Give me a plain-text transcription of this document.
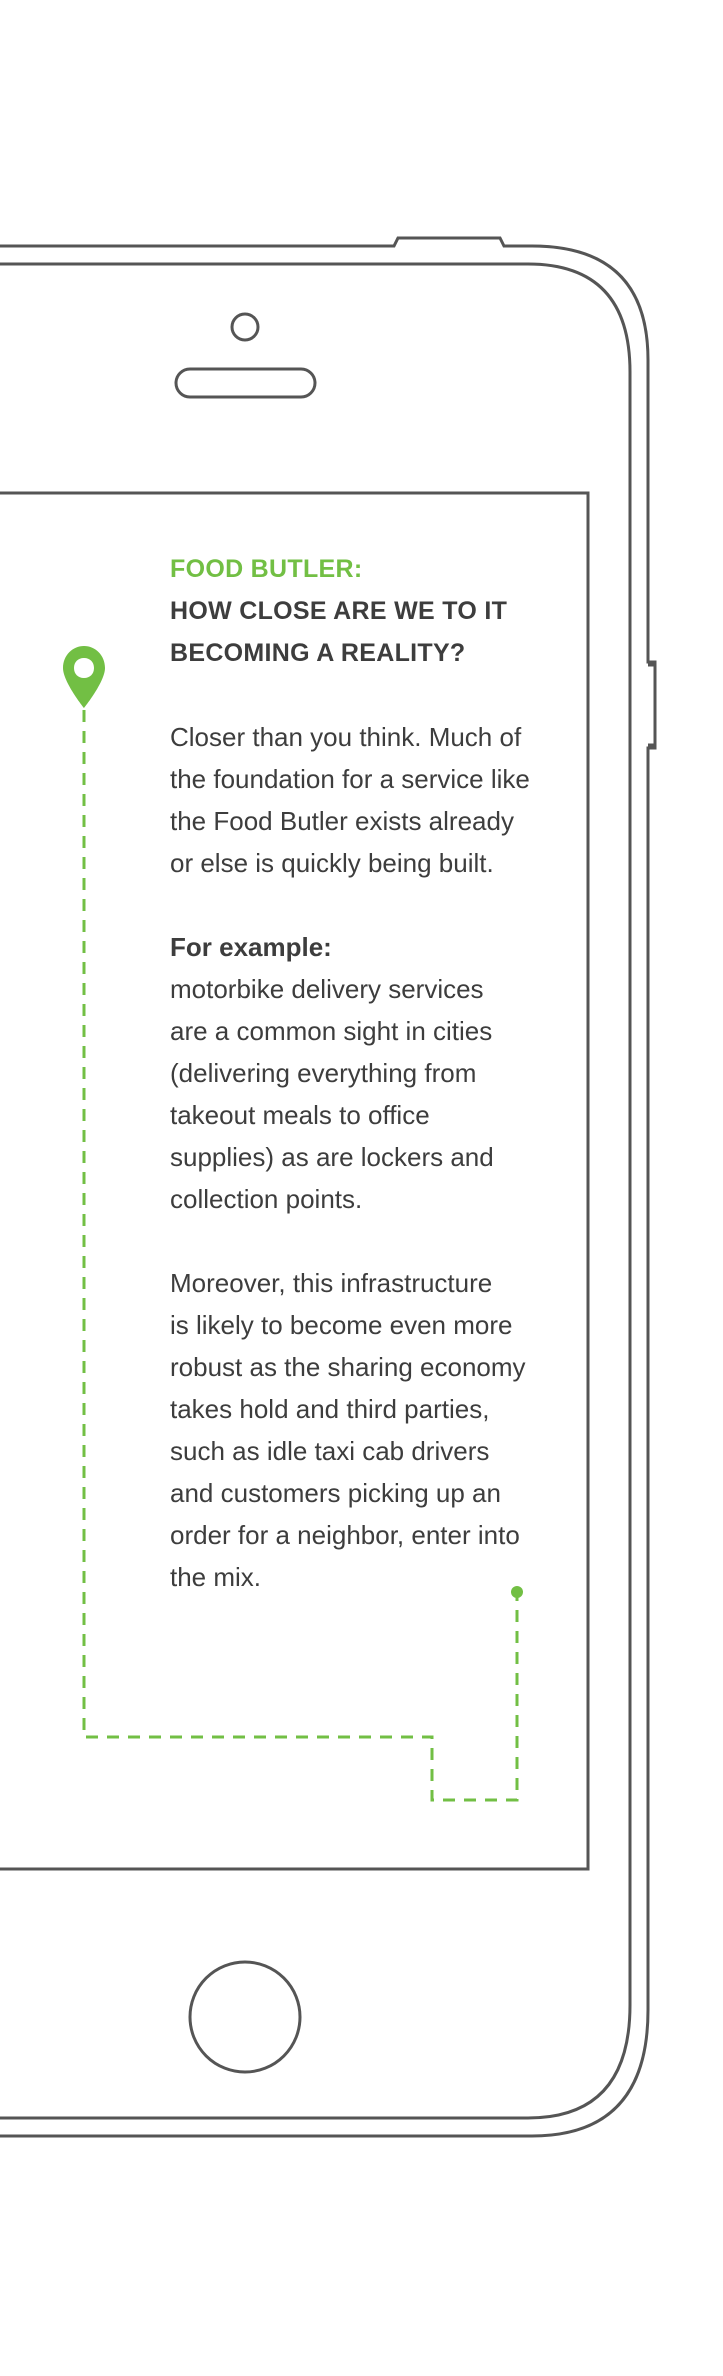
FOOD BUTLER:

HOW CLOSE ARE WE TO IT

BECOMING A REALITY?

Closer than you think. Much of

the foundation for a service like

the Food Butler exists already

or else is quickly being built.

For example:

motorbike delivery services

are a common sight in cities

(delivering everything from

takeout meals to office

supplies) as are lockers and

collection points.

Moreover, this infrastructure

is likely to become even more

robust as the sharing economy

takes hold and third parties,

such as idle taxi cab drivers

and customers picking up an

order for a neighbor, enter into

the mix.
